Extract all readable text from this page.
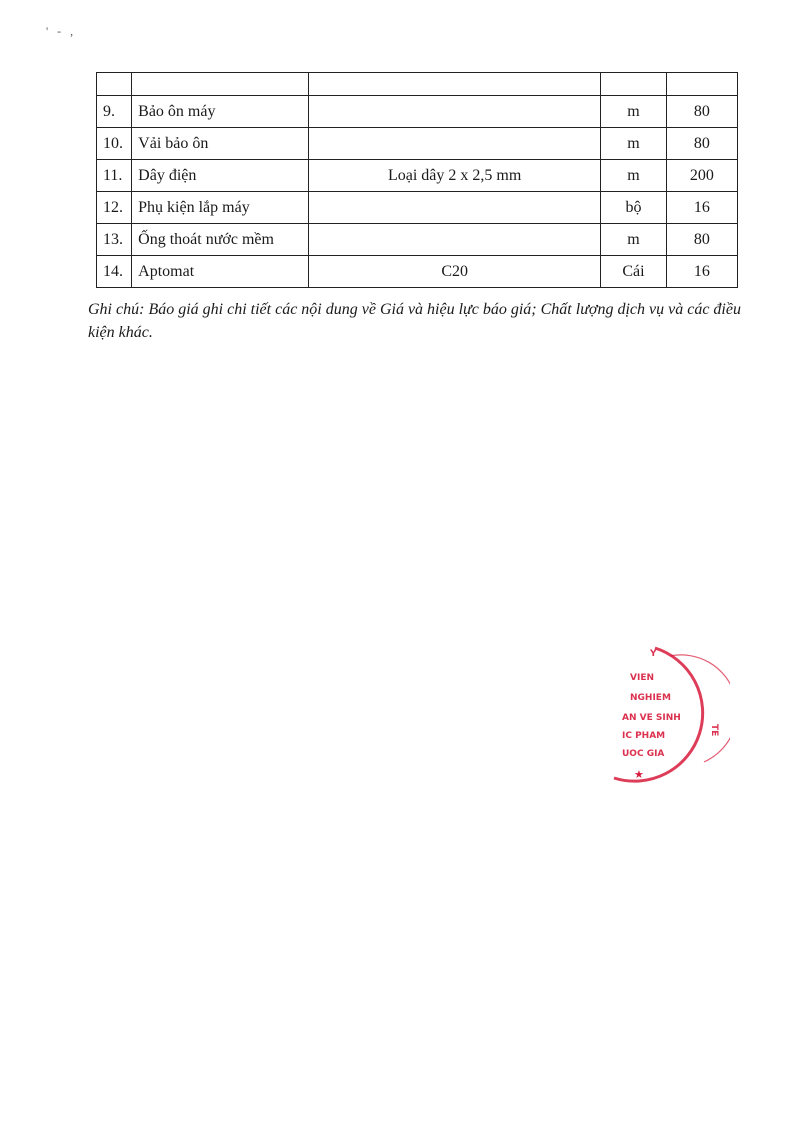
' - ,

9.	Bảo ôn máy		m	80
10.	Vải bảo ôn		m	80
11.	Dây điện	Loại dây 2 x 2,5 mm	m	200
12.	Phụ kiện lắp máy		bộ	16
13.	Ống thoát nước mềm		m	80
14.	Aptomat	C20	Cái	16
Ghi chú: Báo giá ghi chi tiết các nội dung về Giá và hiệu lực báo giá; Chất lượng dịch vụ và các điều kiện khác.
Y
VIEN
NGHIEM
AN VE SINH
IC PHAM
UOC GIA
TE
★
